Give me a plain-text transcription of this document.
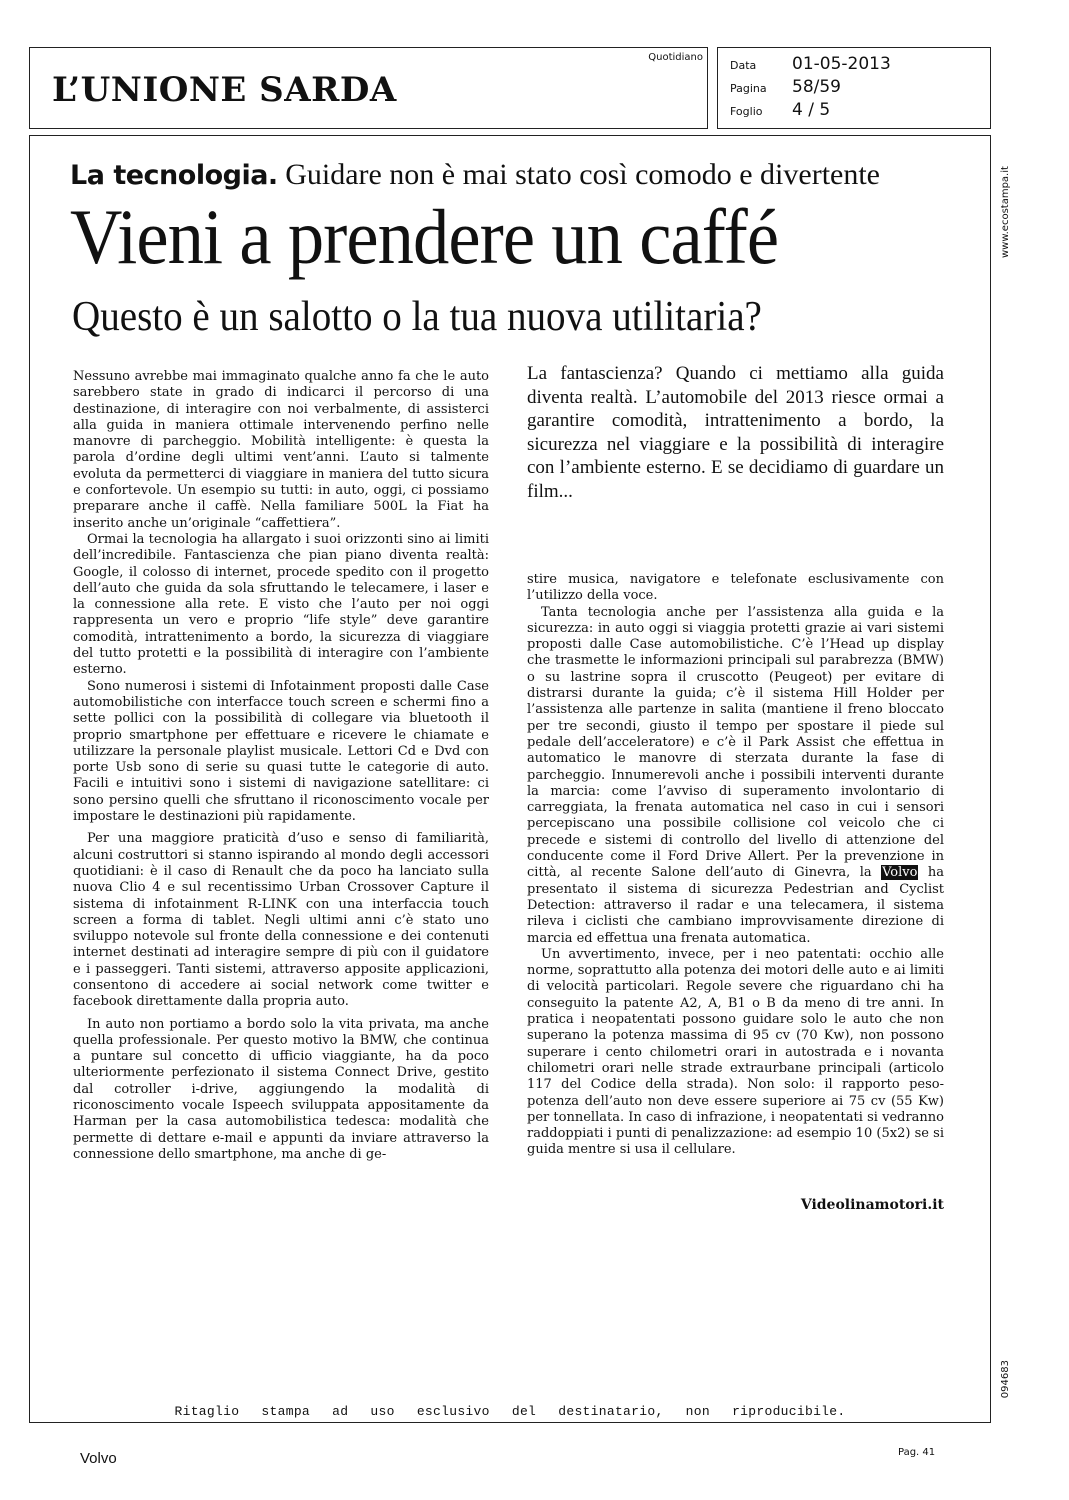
L’UNIONE SARDA
Quotidiano
Data 01-05-2013
Pagina 58/59
Foglio 4 / 5
www.ecostampa.it
094683
La tecnologia. Guidare non è mai stato così comodo e divertente
Vieni a prendere un caffé
Questo è un salotto o la tua nuova utilitaria?

Nessuno avrebbe mai immaginato qualche anno fa che le auto sarebbero state in grado di indicarci il percorso di una destinazione, di interagire con noi verbalmente, di assisterci alla guida in maniera ottimale intervenendo perfino nelle manovre di parcheggio. Mobilità intelligente: è questa la parola d’ordine degli ultimi vent’anni. L’auto si talmente evoluta da permetterci di viaggiare in maniera del tutto sicura e confortevole. Un esempio su tutti: in auto, oggi, ci possiamo preparare anche il caffè. Nella familiare 500L la Fiat ha inserito anche un’originale “caffettiera”.

Ormai la tecnologia ha allargato i suoi orizzonti sino ai limiti dell’incredibile. Fantascienza che pian piano diventa realtà: Google, il colosso di internet, procede spedito con il progetto dell’auto che guida da sola sfruttando le telecamere, i laser e la connessione alla rete. E visto che l’auto per noi oggi rappresenta un vero e proprio “life style” deve garantire comodità, intrattenimento a bordo, la sicurezza di viaggiare del tutto protetti e la possibilità di interagire con l’ambiente esterno.

Sono numerosi i sistemi di Infotainment proposti dalle Case automobilistiche con interfacce touch screen e schermi fino a sette pollici con la possibilità di collegare via bluetooth il proprio smartphone per effettuare e ricevere le chiamate e utilizzare la personale playlist musicale. Lettori Cd e Dvd con porte Usb sono di serie su quasi tutte le categorie di auto. Facili e intuitivi sono i sistemi di navigazione satellitare: ci sono persino quelli che sfruttano il riconoscimento vocale per impostare le destinazioni più rapidamente.

Per una maggiore praticità d’uso e senso di familiarità, alcuni costruttori si stanno ispirando al mondo degli accessori quotidiani: è il caso di Renault che da poco ha lanciato sulla nuova Clio 4 e sul recentissimo Urban Crossover Capture il sistema di infotainment R-LINK con una interfaccia touch screen a forma di tablet. Negli ultimi anni c’è stato uno sviluppo notevole sul fronte della connessione e dei contenuti internet destinati ad interagire sempre di più con il guidatore e i passeggeri. Tanti sistemi, attraverso apposite applicazioni, consentono di accedere ai social network come twitter e facebook direttamente dalla propria auto.

In auto non portiamo a bordo solo la vita privata, ma anche quella professionale. Per questo motivo la BMW, che continua a puntare sul concetto di ufficio viaggiante, ha da poco ulteriormente perfezionato il sistema Connect Drive, gestito dal cotroller i-drive, aggiungendo la modalità di riconoscimento vocale Ispeech sviluppata appositamente da Harman per la casa automobilistica tedesca: modalità che permette di dettare e-mail e appunti da inviare attraverso la connessione dello smartphone, ma anche di ge-

La fantascienza? Quando ci mettiamo alla guida diventa realtà. L’automobile del 2013 riesce ormai a garantire comodità, intrattenimento a bordo, la sicurezza nel viaggiare e la possibilità di interagire con l’ambiente esterno. E se decidiamo di guardare un film...

stire musica, navigatore e telefonate esclusivamente con l’utilizzo della voce.

Tanta tecnologia anche per l’assistenza alla guida e la sicurezza: in auto oggi si viaggia protetti grazie ai vari sistemi proposti dalle Case automobilistiche. C’è l’Head up display che trasmette le informazioni principali sul parabrezza (BMW) o su lastrine sopra il cruscotto (Peugeot) per evitare di distrarsi durante la guida; c’è il sistema Hill Holder per l’assistenza alle partenze in salita (mantiene il freno bloccato per tre secondi, giusto il tempo per spostare il piede sul pedale dell’acceleratore) e c’è il Park Assist che effettua in automatico le manovre di sterzata durante la fase di parcheggio. Innumerevoli anche i possibili interventi durante la marcia: come l’avviso di superamento involontario di carreggiata, la frenata automatica nel caso in cui i sensori percepiscano una possibile collisione col veicolo che ci precede e sistemi di controllo del livello di attenzione del conducente come il Ford Drive Allert. Per la prevenzione in città, al recente Salone dell’auto di Ginevra, la Volvo ha presentato il sistema di sicurezza Pedestrian and Cyclist Detection: attraverso il radar e una telecamera, il sistema rileva i ciclisti che cambiano improvvisamente direzione di marcia ed effettua una frenata automatica.

Un avvertimento, invece, per i neo patentati: occhio alle norme, soprattutto alla potenza dei motori delle auto e ai limiti di velocità particolari. Regole severe che riguardano chi ha conseguito la patente A2, A, B1 o B da meno di tre anni. In pratica i neopatentati possono guidare solo le auto che non superano la potenza massima di 95 cv (70 Kw), non possono superare i cento chilometri orari in autostrada e i novanta chilometri orari nelle strade extraurbane principali (articolo 117 del Codice della strada). Non solo: il rapporto peso-potenza dell’auto non deve essere superiore ai 75 cv (55 Kw) per tonnellata. In caso di infrazione, i neopatentati si vedranno raddoppiati i punti di penalizzazione: ad esempio 10 (5x2) se si guida mentre si usa il cellulare.

Videolinamotori.it
Ritaglio stampa ad uso esclusivo del destinatario, non riproducibile.
Volvo	Pag. 41
